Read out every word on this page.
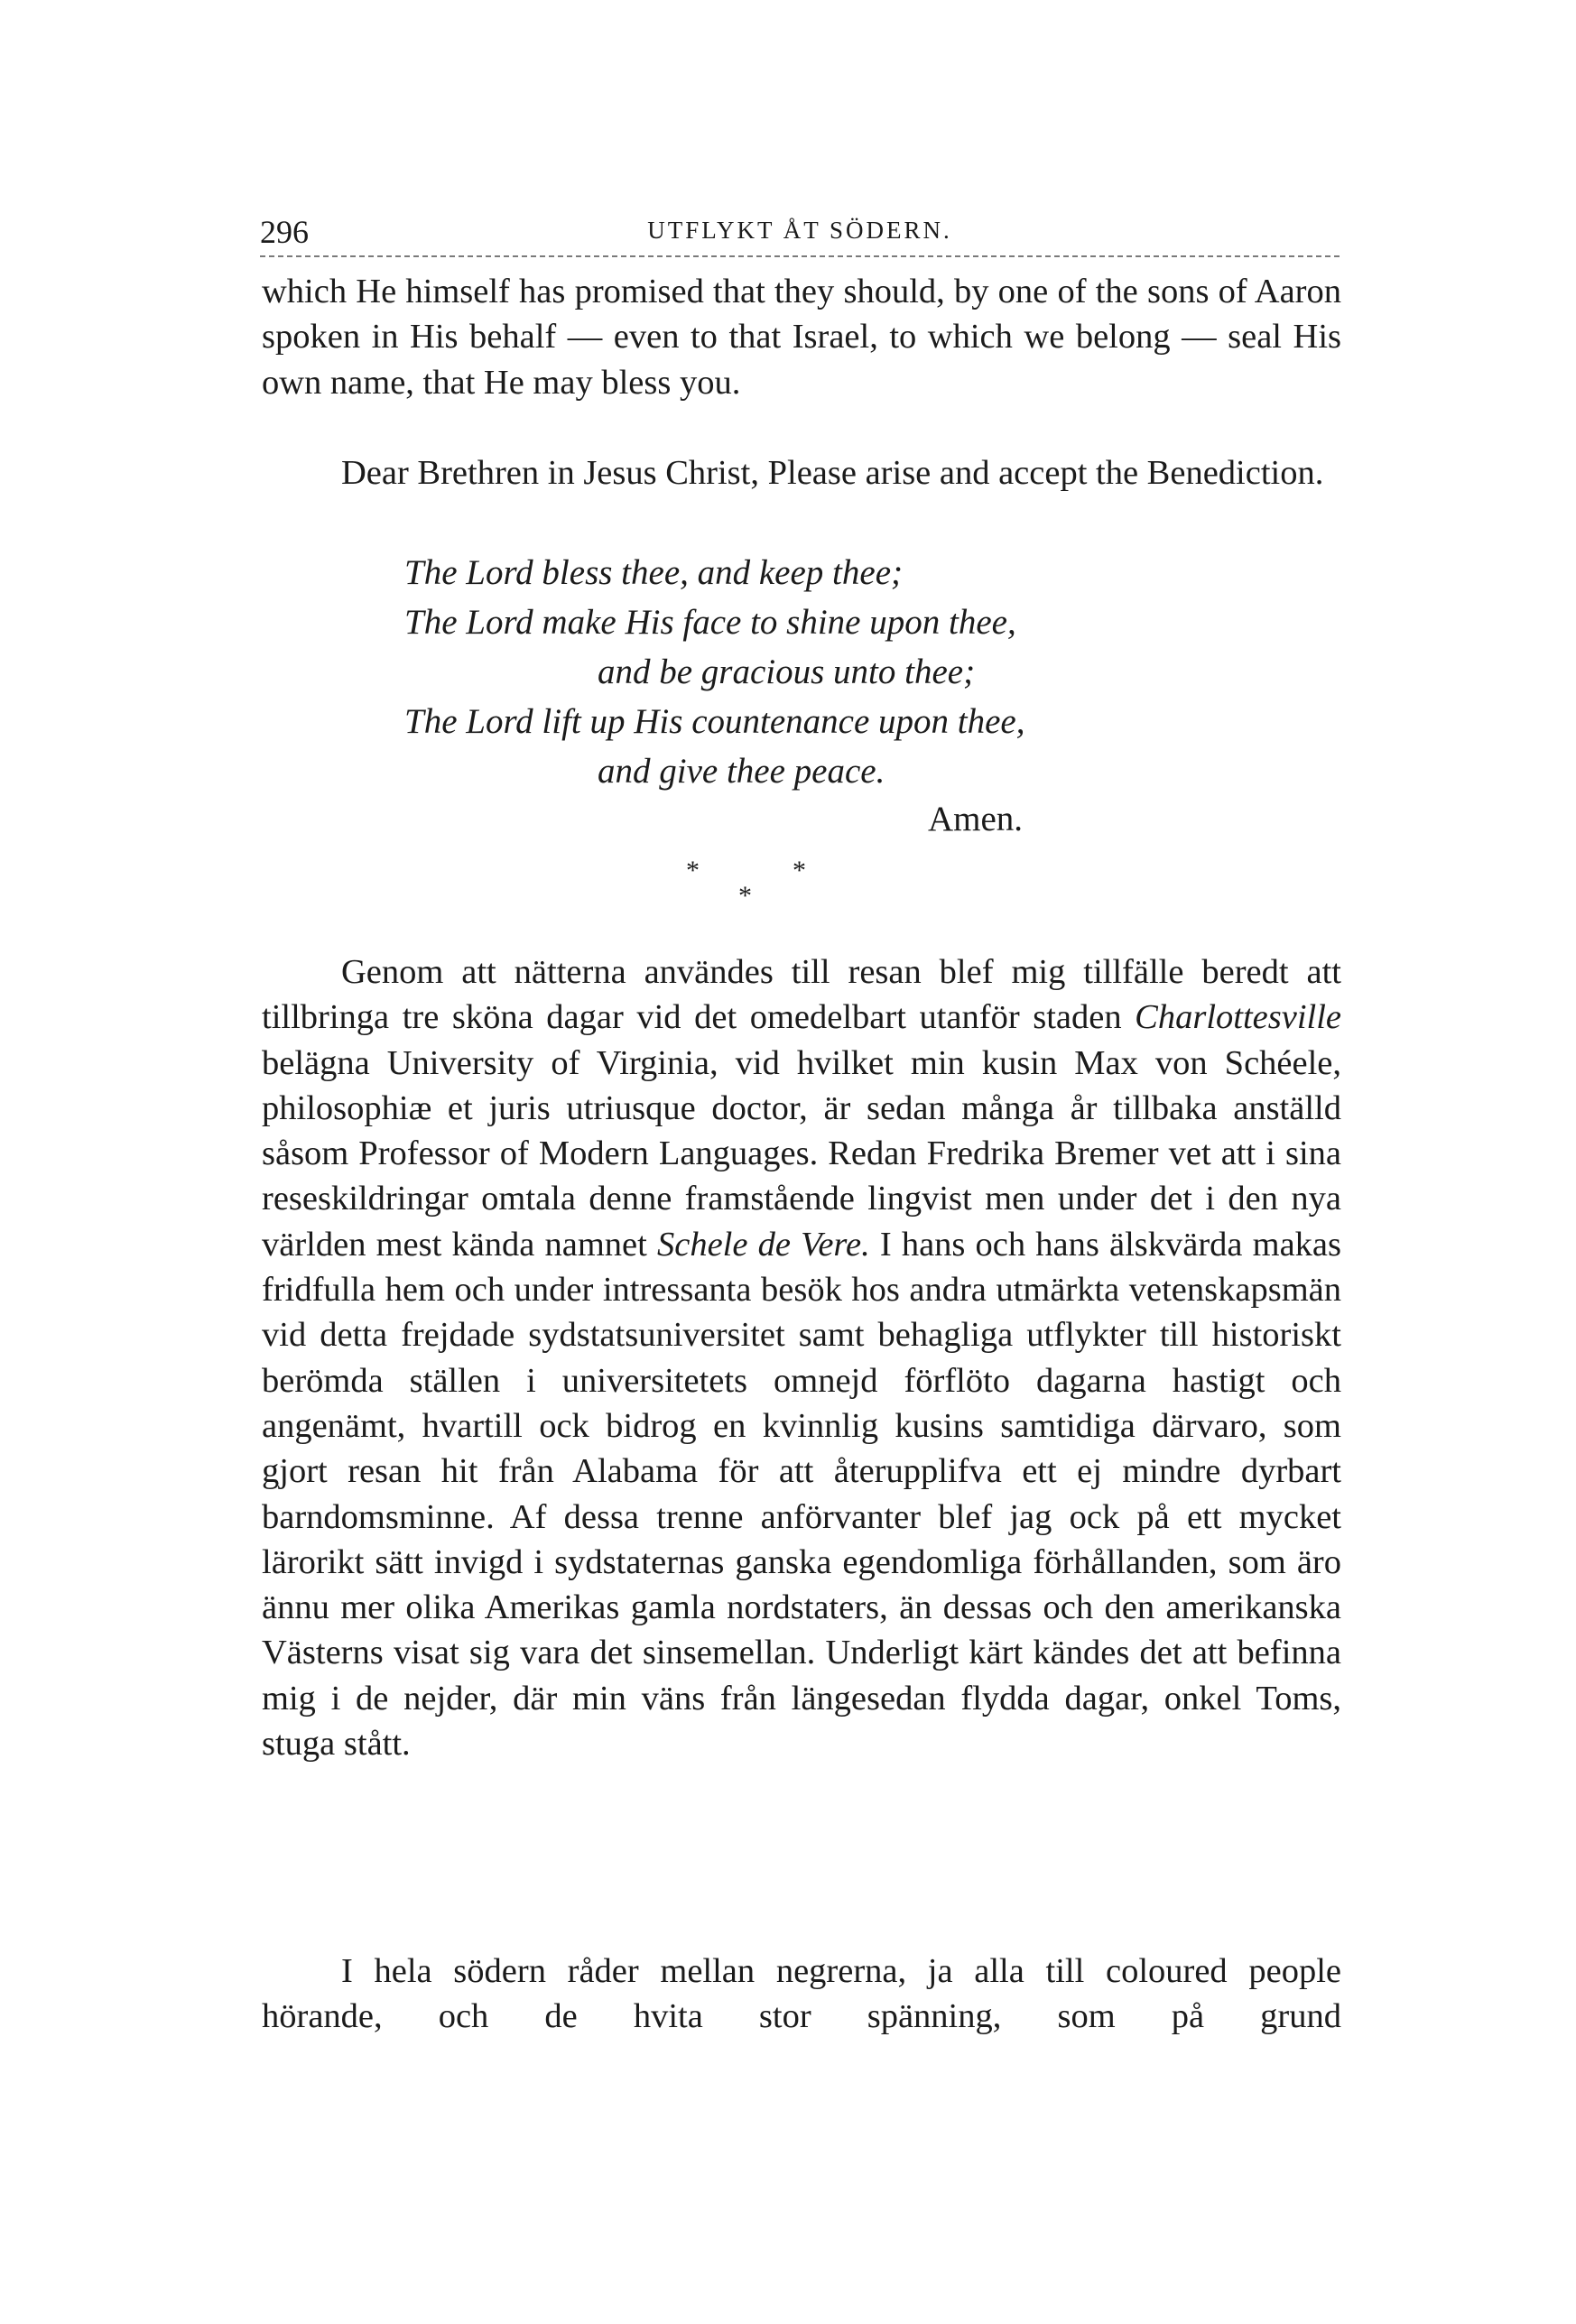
296	UTFLYKT ÅT SÖDERN.
which He himself has promised that they should, by one of the sons of Aaron spoken in His behalf — even to that Israel, to which we belong — seal His own name, that He may bless you.
Dear Brethren in Jesus Christ, Please arise and accept the Benediction.
The Lord bless thee, and keep thee;
The Lord make His face to shine upon thee,
and be gracious unto thee;
The Lord lift up His countenance upon thee,
and give thee peace.
Amen.
*	*
*
Genom att nätterna användes till resan blef mig tillfälle beredt att tillbringa tre sköna dagar vid det omedelbart utanför staden Charlottesville belägna University of Virginia, vid hvilket min kusin Max von Schéele, philosophiæ et juris utriusque doctor, är sedan många år tillbaka anställd såsom Professor of Modern Languages. Redan Fredrika Bremer vet att i sina reseskildringar omtala denne framstående lingvist men under det i den nya världen mest kända namnet Schele de Vere. I hans och hans älskvärda makas fridfulla hem och under intressanta besök hos andra utmärkta vetenskapsmän vid detta frejdade sydstatsuniversitet samt behagliga utflykter till historiskt berömda ställen i universitetets omnejd förflöto dagarna hastigt och angenämt, hvartill ock bidrog en kvinnlig kusins samtidiga därvaro, som gjort resan hit från Alabama för att återupplifva ett ej mindre dyrbart barndomsminne. Af dessa trenne anförvanter blef jag ock på ett mycket lärorikt sätt invigd i sydstaternas ganska egendomliga förhållanden, som äro ännu mer olika Amerikas gamla nordstaters, än dessas och den amerikanska Västerns visat sig vara det sinsemellan. Underligt kärt kändes det att befinna mig i de nejder, där min väns från längesedan flydda dagar, onkel Toms, stuga stått.
I hela södern råder mellan negrerna, ja alla till coloured people hörande, och de hvita stor spänning, som på grund
